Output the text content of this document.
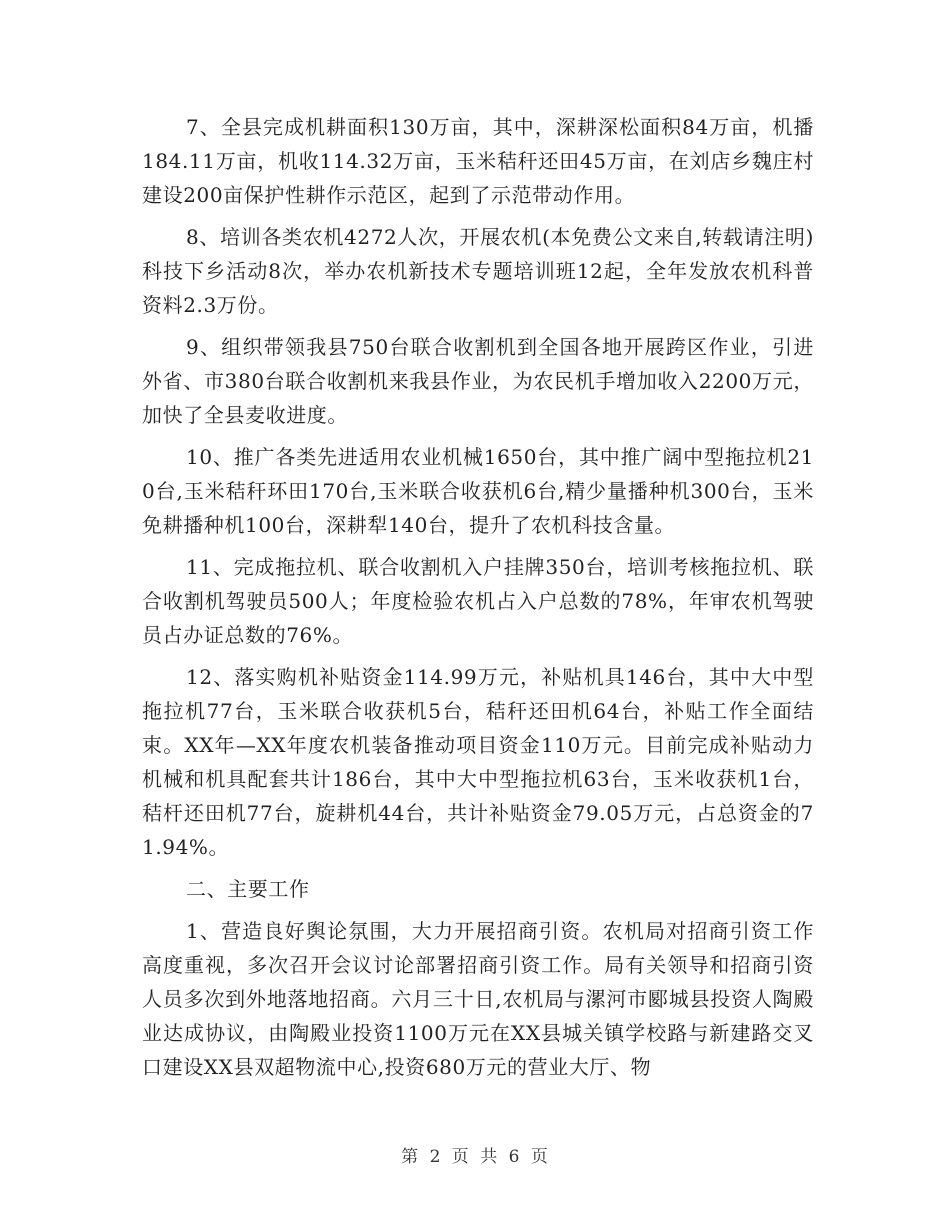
7、全县完成机耕面积130万亩，其中，深耕深松面积84万亩，机播184.11万亩，机收114.32万亩，玉米秸秆还田45万亩，在刘店乡魏庄村建设200亩保护性耕作示范区，起到了示范带动作用。

8、培训各类农机4272人次，开展农机(本免费公文来自,转载请注明)科技下乡活动8次，举办农机新技术专题培训班12起，全年发放农机科普资料2.3万份。

9、组织带领我县750台联合收割机到全国各地开展跨区作业，引进外省、市380台联合收割机来我县作业，为农民机手增加收入2200万元，加快了全县麦收进度。

10、推广各类先进适用农业机械1650台，其中推广阔中型拖拉机210台,玉米秸秆环田170台,玉米联合收获机6台,精少量播种机300台，玉米免耕播种机100台，深耕犁140台，提升了农机科技含量。

11、完成拖拉机、联合收割机入户挂牌350台，培训考核拖拉机、联合收割机驾驶员500人；年度检验农机占入户总数的78%，年审农机驾驶员占办证总数的76%。

12、落实购机补贴资金114.99万元，补贴机具146台，其中大中型拖拉机77台，玉米联合收获机5台，秸秆还田机64台，补贴工作全面结束。XX年—XX年度农机装备推动项目资金110万元。目前完成补贴动力机械和机具配套共计186台，其中大中型拖拉机63台，玉米收获机1台，秸杆还田机77台，旋耕机44台，共计补贴资金79.05万元，占总资金的71.94%。

二、主要工作

1、营造良好舆论氛围，大力开展招商引资。农机局对招商引资工作高度重视，多次召开会议讨论部署招商引资工作。局有关领导和招商引资人员多次到外地落地招商。六月三十日,农机局与漯河市郾城县投资人陶殿业达成协议，由陶殿业投资1100万元在XX县城关镇学校路与新建路交叉口建设XX县双超物流中心,投资680万元的营业大厅、物

第 2 页 共 6 页
